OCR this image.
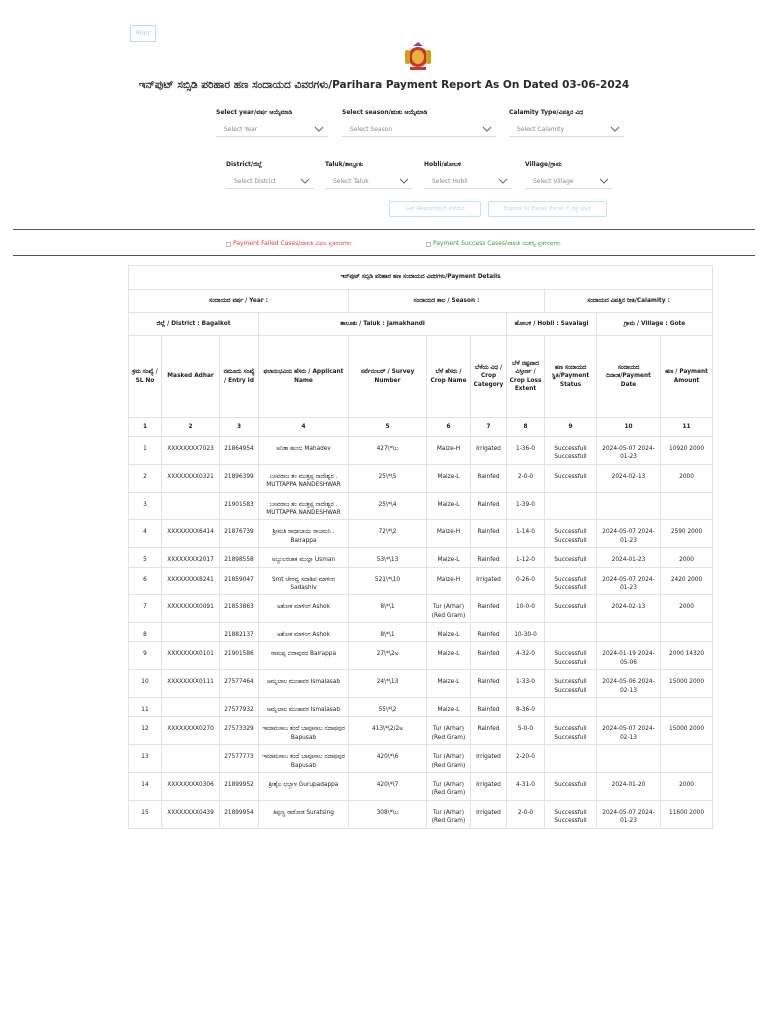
Print
ಇನ್‌ಪುಟ್ ಸಬ್ಸಿಡಿ ಪರಿಹಾರ ಹಣ ಸಂದಾಯದ ವಿವರಗಳು/Parihara Payment Report As On Dated 03-06-2024
Select year/ವರ್ಷ ಆಯ್ಕೆಮಾಡಿ
Select Year
Select season/ಋತು ಆಯ್ಕೆಮಾಡಿ
Select Season
Calamity Type/ವಿಪತ್ತಿನ ವಿಧ
Select Calamity
District/ಜಿಲ್ಲೆ
Select District
Taluk/ತಾಲ್ಲೂಕು
Select Taluk
Hobli/ಹೋಬಳಿ
Select Hobli
Village/ಗ್ರಾಮ
Select Village
Get Report/ವರದಿ ಪಡೆಯಿರಿ	Export to Excel/ Excel ಗೆ ರಫ್ತು ಮಾಡಿ
Payment Failed Cases/ಪಾವತಿ ವಿಫಲ ಪ್ರಕರಣಗಳು	Payment Success Cases/ಪಾವತಿ ಯಶಸ್ವಿ ಪ್ರಕರಣಗಳು
ಇನ್‌ಪುಟ್ ಸಬ್ಸಿಡಿ ಪರಿಹಾರ ಹಣ ಸಂದಾಯದ ವಿವರಗಳು/Payment Details										
ಸಂದಾಯದ ವರ್ಷ / Year :				ಸಂದಾಯದ ಕಾಲ / Season :				ಸಂದಾಯದ ವಿಪತ್ತಿನ ರೀತಿ/Calamity :		
ಜಿಲ್ಲೆ / District : Bagalkot			ತಾಲೂಕು / Taluk : Jamakhandi				ಹೋಬಳಿ / Hobli : Savalagi		ಗ್ರಾಮ / Village : Gote	
ಕ್ರಮ ಸಂಖ್ಯೆ / SL No	Masked Adhar	ನಮೂದು ಸಂಖ್ಯೆ / Entry Id	ಫಲಾನುಭವಿಯ ಹೆಸರು / Applicant Name	ಸರ್ವೆನಂಬರ್ / Survey Number	ಬೆಳೆ ಹೆಸರು / Crop Name	ಬೆಳೆಯ ವಿಧ / Crop Category	ಬೆಳೆ ನಷ್ಟವಾದ ವಿಸ್ತೀರ್ಣ / Crop Loss Extent	ಹಣ ಸಂದಾಯದ ಸ್ಥಿತಿ/Payment Status	ಸಂದಾಯದ ದಿನಾಂಕ/Payment Date	ಹಣ / Payment Amount
1	2	3	4	5	6	7	8	9	10	11
1	XXXXXXXX7023	21864954	ಅನಿತಾ ಹುಂಬಿ Mahadev	427\*\ಬ	Maize-H	Irrigated	1-36-0	Successfull Successfull	2024-05-07 2024-01-23	10920 2000
2	XXXXXXXX0321	21896399	ಬಸವರಾಜ ತಂ ಮುತ್ತಪ್ಪ ನಾದೇಶ್ವರ . MUTTAPPA NANDESHWAR	25\*\5	Maize-L	Rainfed	2-0-0	Successfull	2024-02-13	2000
3		21901583	ಬಸವರಾಜ ತಂ ಮುತ್ತಪ್ಪ ನಾದೇಶ್ವರ . MUTTAPPA NANDESHWAR	25\*\4	Maize-L	Rainfed	1-39-0			
4	XXXXXXXX6414	21876739	ಶ್ರೀಮತಿ ರಾಧಾಬಾಯಿ ರಾಜಮನಿ . Bairappa	72\*\2	Maize-H	Rainfed	1-14-0	Successfull Successfull	2024-05-07 2024-01-23	2590 2000
5	XXXXXXXX2017	21898558	ಅಬ್ದುಲರಜಾಕ ಮುಲ್ಲಾ Usman	53\*\13	Maize-L	Rainfed	1-12-0	Successfull	2024-01-23	2000
6	XXXXXXXX8241	21859047	Smt ಚೇರವ್ವ ಸದಾಶಿವ ಮಾಳಿಂಗ Sadashiv	521\*\10	Maize-H	Irrigated	0-26-0	Successfull Successfull	2024-05-07 2024-01-23	2420 2000
7	XXXXXXXX0091	21853863	ಅಶೋಕ ಮಾಳಿಂಗ Ashok	8\*\1	Tur (Arhar) (Red Gram)	Rainfed	10-0-0	Successfull	2024-02-13	2000
8		21882137	ಅಶೋಕ ಮಾಳಿಂಗ Ashok	8\*\1	Maize-L	Rainfed	10-30-0			
9	XXXXXXXX0101	21901586	ರಾಮಪ್ಪ ಬಿರಾಪುರದ Bairappa	27\*\2ಅ	Maize-L	Rainfed	4-32-0	Successfull Successfull	2024-01-19 2024-05-06	2000 14320
10	XXXXXXXX0111	27577464	ಅಮೃಲಾಲ ಮುಜಾವರ Ismalasab	24\*\13	Maize-L	Rainfed	1-33-0	Successfull Successfull	2024-05-06 2024-02-13	15000 2000
11		27577932	ಅಮೃಲಾಲ ಮುಜಾವರ Ismalasab	55\*\2	Maize-L	Rainfed	8-36-0			
12	XXXXXXXX0270	27573329	ಇಮಾಮಸಾಬ ತಂದೆ ಬಾಪೂಸಾಬ ನದಾಫಪುರ Bapusab	413\*\2/2ಅ	Tur (Arhar) (Red Gram)	Rainfed	5-0-0	Successfull Successfull	2024-05-07 2024-02-13	15000 2000
13		27577773	ಇಮಾಮಸಾಬ ತಂದೆ ಬಾಪೂಸಾಬ ನದಾಫಪುರ Bapusab	420\*\6	Tur (Arhar) (Red Gram)	Irrigated	2-20-0			
14	XXXXXXXX0306	21899952	ಶ್ರೀಶೈಲ ಛಬ್ಬಾಳ Gurupadappa	420\*\7	Tur (Arhar) (Red Gram)	Irrigated	4-31-0	Successfull	2024-01-20	2000
15	XXXXXXXX0439	21899954	ತಿಪ್ಪಣ್ಣ ರಾಠೋಡ Suratsing	308\*\ಬ	Tur (Arhar) (Red Gram)	Irrigated	2-0-0	Successfull Successfull	2024-05-07 2024-01-23	11600 2000
